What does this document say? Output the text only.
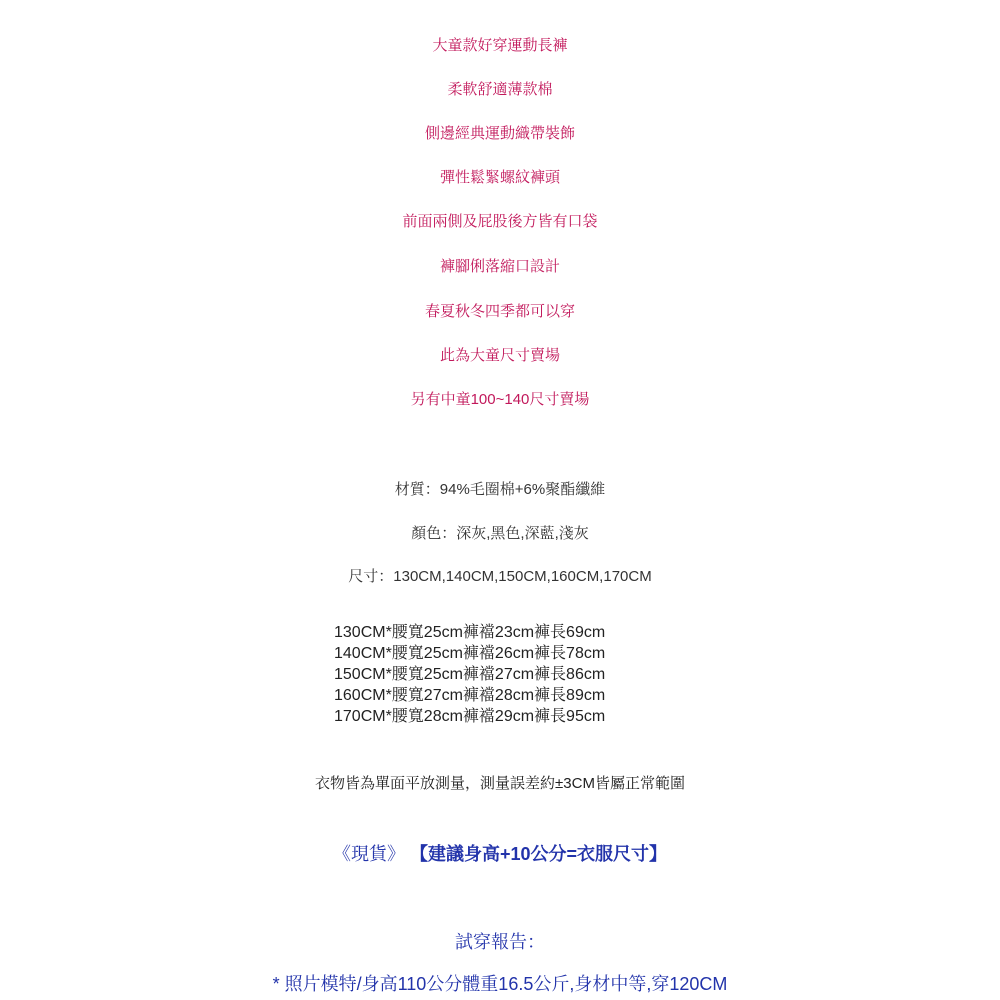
大童款好穿運動長褲
柔軟舒適薄款棉
側邊經典運動織帶裝飾
彈性鬆緊螺紋褲頭
前面兩側及屁股後方皆有口袋
褲腳俐落縮口設計
春夏秋冬四季都可以穿
此為大童尺寸賣場
另有中童100~140尺寸賣場
材質：94%毛圈棉+6%聚酯纖維
顏色：深灰,黑色,深藍,淺灰
尺寸：130CM,140CM,150CM,160CM,170CM
130CM*腰寬25cm褲襠23cm褲長69cm
140CM*腰寬25cm褲襠26cm褲長78cm
150CM*腰寬25cm褲襠27cm褲長86cm
160CM*腰寬27cm褲襠28cm褲長89cm
170CM*腰寬28cm褲襠29cm褲長95cm
衣物皆為單面平放測量，測量誤差約±3CM皆屬正常範圍
《現貨》 【建議身高+10公分=衣服尺寸】
試穿報告：
* 照片模特/身高110公分體重16.5公斤,身材中等,穿120CM
